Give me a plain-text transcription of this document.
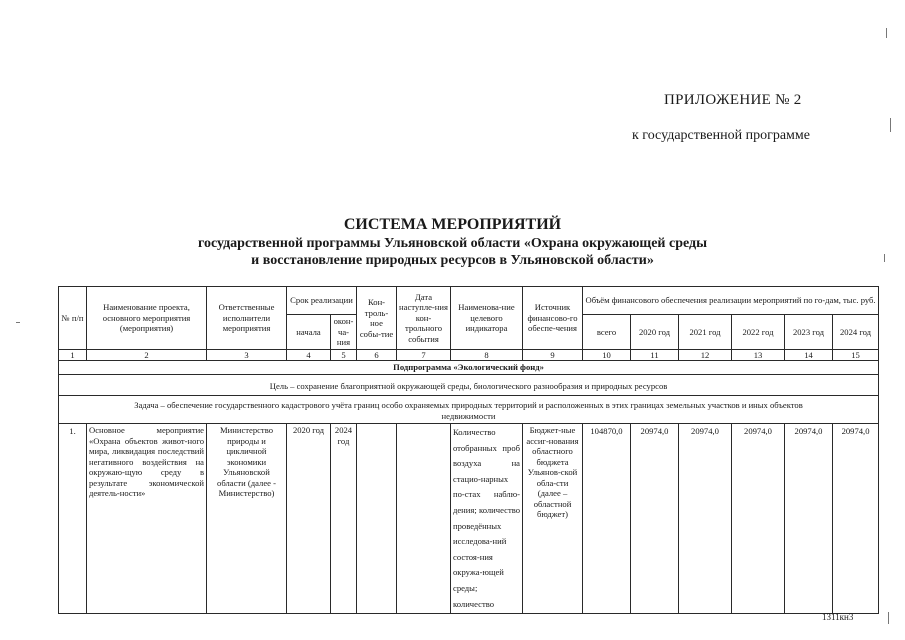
ПРИЛОЖЕНИЕ № 2
к государственной программе
СИСТЕМА МЕРОПРИЯТИЙ
государственной программы Ульяновской области «Охрана окружающей среды
и восстановление природных ресурсов в Ульяновской области»
№ п/п	Наименование проекта, основного мероприятия (мероприятия)	Ответственные исполнители мероприятия	Срок реализации		Кон-троль-ное собы-тие	Дата наступле-ния кон-трольного события	Наименова-ние целевого индикатора	Источник финансово-го обеспе-чения	Объём финансового обеспечения реализации мероприятий по го-дам, тыс. руб.					
			начала	окон-ча-ния					всего	2020 год	2021 год	2022 год	2023 год	2024 год
1	2	3	4	5	6	7	8	9	10	11	12	13	14	15
Подпрограмма «Экологический фонд»														
Цель – сохранение благоприятной окружающей среды, биологического разнообразия и природных ресурсов														
Задача – обеспечение государственного кадастрового учёта границ особо охраняемых природных территорий и расположенных в этих границах земельных участков и иных объектов недвижимости														
1.	Основное мероприятие «Охрана объектов живот-ного мира, ликвидация последствий негативного воздействия на окружаю-щую среду в результате экономической деятель-ности»	Министерство природы и цикличной экономики Ульяновской области (далее - Министерство)	2020 год	2024 год			Количество отобранных проб воздуха на стацио-нарных по-стах наблю-дения; количество проведённых исследова-ний состоя-ния окружа-ющей среды; количество	Бюджет-ные ассиг-нования областного бюджета Ульянов-ской обла-сти (далее – областной бюджет)	104870,0	20974,0	20974,0	20974,0	20974,0	20974,0
1311кн3
